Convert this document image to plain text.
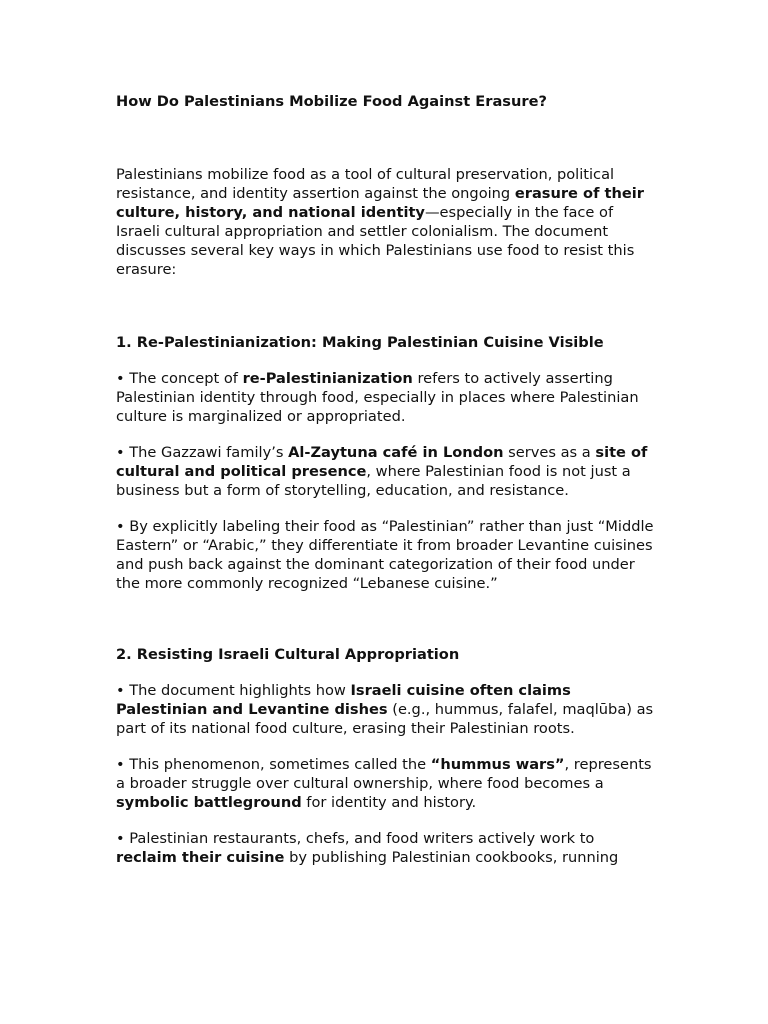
How Do Palestinians Mobilize Food Against Erasure?

Palestinians mobilize food as a tool of cultural preservation, political resistance, and identity assertion against the ongoing erasure of their culture, history, and national identity—especially in the face of Israeli cultural appropriation and settler colonialism. The document discusses several key ways in which Palestinians use food to resist this erasure:

1. Re-Palestinianization: Making Palestinian Cuisine Visible

• The concept of re-Palestinianization refers to actively asserting Palestinian identity through food, especially in places where Palestinian culture is marginalized or appropriated.

• The Gazzawi family’s Al-Zaytuna café in London serves as a site of cultural and political presence, where Palestinian food is not just a business but a form of storytelling, education, and resistance.

• By explicitly labeling their food as “Palestinian” rather than just “Middle Eastern” or “Arabic,” they differentiate it from broader Levantine cuisines and push back against the dominant categorization of their food under the more commonly recognized “Lebanese cuisine.”

2. Resisting Israeli Cultural Appropriation

• The document highlights how Israeli cuisine often claims Palestinian and Levantine dishes (e.g., hummus, falafel, maqlūba) as part of its national food culture, erasing their Palestinian roots.

• This phenomenon, sometimes called the “hummus wars”, represents a broader struggle over cultural ownership, where food becomes a symbolic battleground for identity and history.

• Palestinian restaurants, chefs, and food writers actively work to reclaim their cuisine by publishing Palestinian cookbooks, running
